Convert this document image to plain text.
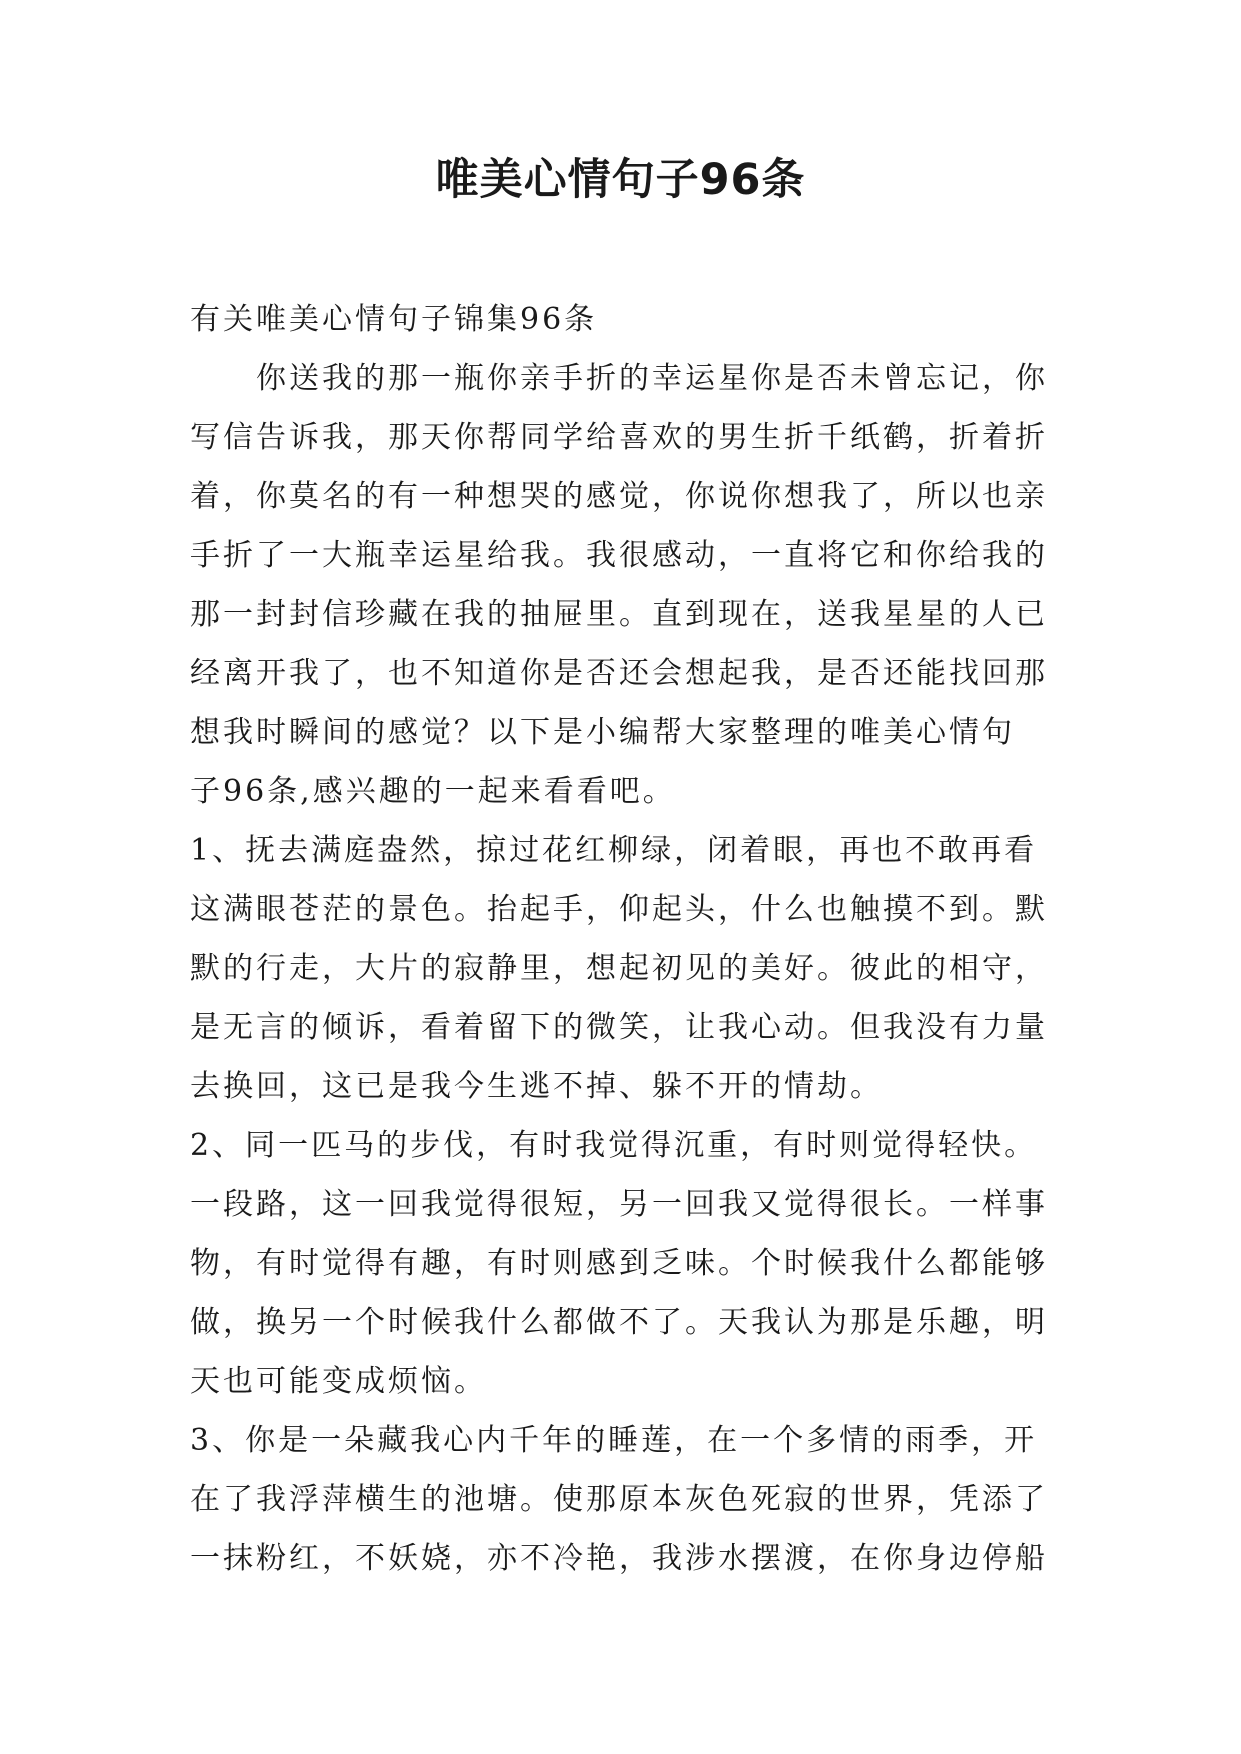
唯美心情句子96条
有关唯美心情句子锦集96条
你送我的那一瓶你亲手折的幸运星你是否未曾忘记，你
写信告诉我，那天你帮同学给喜欢的男生折千纸鹤，折着折
着，你莫名的有一种想哭的感觉，你说你想我了，所以也亲
手折了一大瓶幸运星给我。我很感动，一直将它和你给我的
那一封封信珍藏在我的抽屉里。直到现在，送我星星的人已
经离开我了，也不知道你是否还会想起我，是否还能找回那
想我时瞬间的感觉？以下是小编帮大家整理的唯美心情句
子96条,感兴趣的一起来看看吧。
1、抚去满庭盎然，掠过花红柳绿，闭着眼，再也不敢再看
这满眼苍茫的景色。抬起手，仰起头，什么也触摸不到。默
默的行走，大片的寂静里，想起初见的美好。彼此的相守，
是无言的倾诉，看着留下的微笑，让我心动。但我没有力量
去换回，这已是我今生逃不掉、躲不开的情劫。
2、同一匹马的步伐，有时我觉得沉重，有时则觉得轻快。
一段路，这一回我觉得很短，另一回我又觉得很长。一样事
物，有时觉得有趣，有时则感到乏味。个时候我什么都能够
做，换另一个时候我什么都做不了。天我认为那是乐趣，明
天也可能变成烦恼。
3、你是一朵藏我心内千年的睡莲，在一个多情的雨季，开
在了我浮萍横生的池塘。使那原本灰色死寂的世界，凭添了
一抹粉红，不妖娆，亦不冷艳，我涉水摆渡，在你身边停船
